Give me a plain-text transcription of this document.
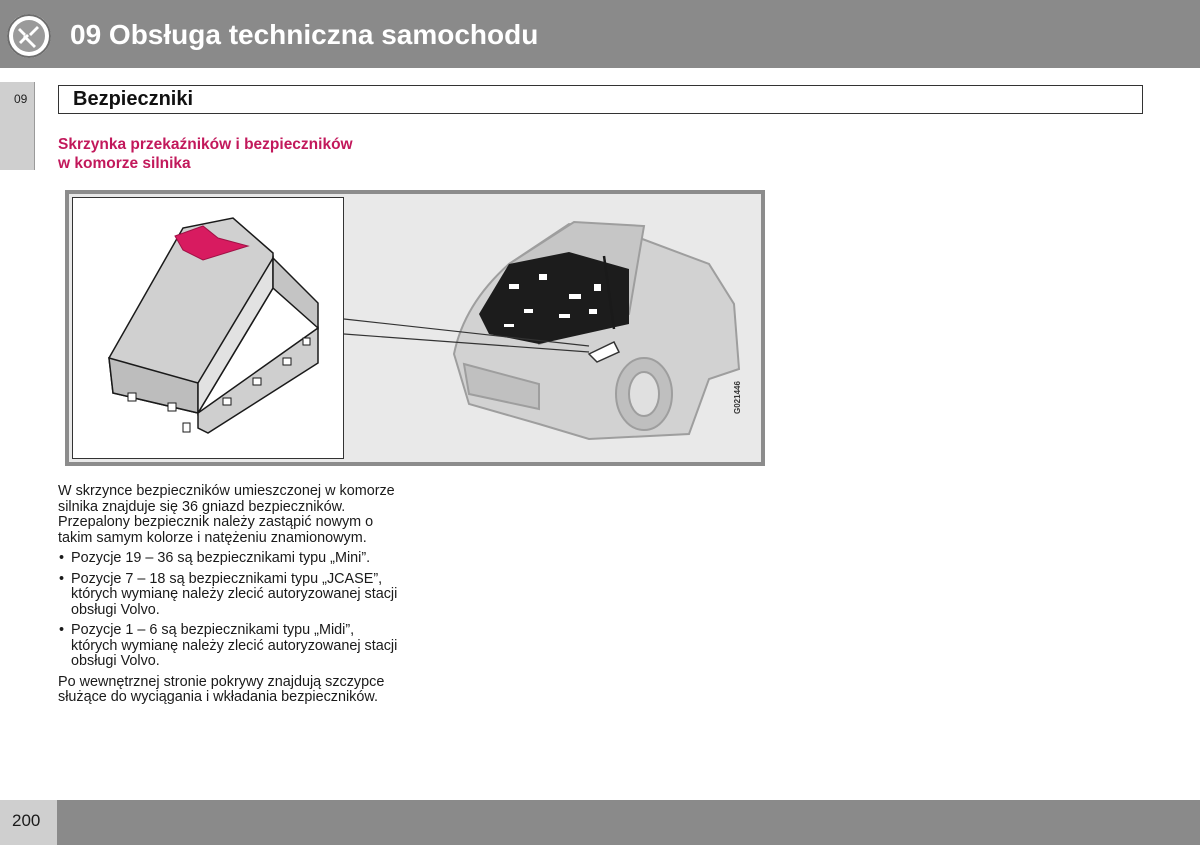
09 Obsługa techniczna samochodu
09 Bezpieczniki
Skrzynka przekaźników i bezpieczników
w komorze silnika
G021446

W skrzynce bezpieczników umieszczonej w komorze silnika znajduje się 36 gniazd bezpieczników. Przepalony bezpiecznik należy zastąpić nowym o takim samym kolorze i natężeniu znamionowym.

• Pozycje 19 – 36 są bezpiecznikami typu „Mini”.
• Pozycje 7 – 18 są bezpiecznikami typu „JCASE”, których wymianę należy zlecić autoryzowanej stacji obsługi Volvo.
• Pozycje 1 – 6 są bezpiecznikami typu „Midi”, których wymianę należy zlecić autoryzowanej stacji obsługi Volvo.

Po wewnętrznej stronie pokrywy znajdują szczypce służące do wyciągania i wkładania bezpieczników.

200
